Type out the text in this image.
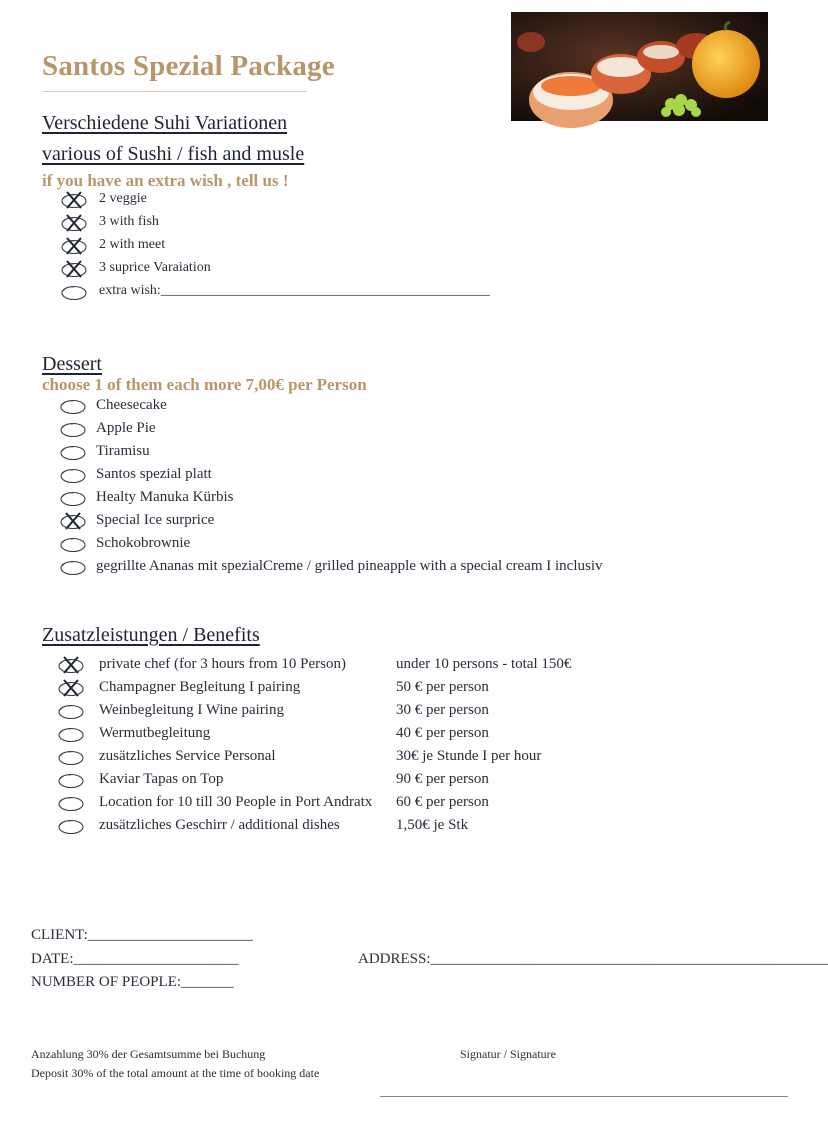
Santos Spezial Package
Verschiedene Suhi Variationen
various of Sushi / fish and musle
if you have an extra wish , tell us !
2 veggie
3 with fish
2 with meet
3 suprice Varaiation
extra wish:_______________________________________________
Dessert
choose 1 of them each more 7,00€ per Person
Cheesecake
Apple Pie
Tiramisu
Santos spezial platt
Healty Manuka Kürbis
Special Ice surprice
Schokobrownie
gegrillte Ananas mit spezialCreme / grilled pineapple with a special cream I inclusiv
Zusatzleistungen / Benefits
private chef (for 3 hours from 10 Person)	under 10 persons - total 150€
Champagner Begleitung I pairing	50 € per person
Weinbegleitung I Wine pairing	30 € per person
Wermutbegleitung	40 € per person
zusätzliches Service Personal	30€ je Stunde I per hour
Kaviar Tapas on Top	90 € per person
Location for 10 till 30 People in Port Andratx 60 € per person
zusätzliches Geschirr / additional dishes	1,50€ je Stk
CLIENT:______________________
DATE:______________________	ADDRESS:_____________________________________________________
NUMBER OF PEOPLE:_______
Anzahlung 30% der Gesamtsumme bei Buchung
Deposit 30% of the total amount at the time of booking date
Signatur / Signature
____________________________________________________________________
